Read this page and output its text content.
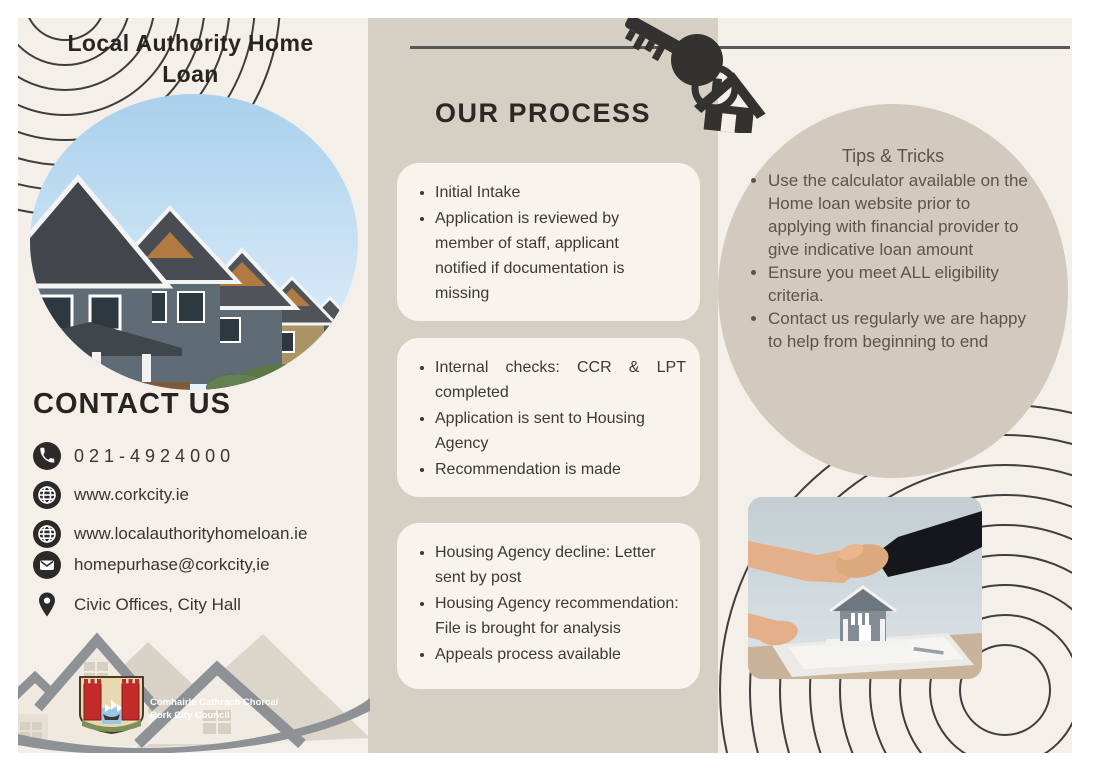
Local Authority Home
Loan
CONTACT US
021-4924000
www.corkcity.ie
www.localauthorityhomeloan.ie
homepurhase@corkcity,ie
Civic Offices, City Hall
Comhairle Cathrach Chorcaí
Cork City Council
OUR PROCESS
• Initial Intake
• Application is reviewed by member of staff, applicant notified if documentation is missing
• Internal checks: CCR & LPT completed
• Application is sent to Housing Agency
• Recommendation is made
• Housing Agency decline: Letter sent by post
• Housing Agency recommendation: File is brought for analysis
• Appeals process available
Tips & Tricks
• Use the calculator available on the Home loan website prior to applying with financial provider to give indicative loan amount
• Ensure you meet ALL eligibility criteria.
• Contact us regularly we are happy to help from beginning to end
